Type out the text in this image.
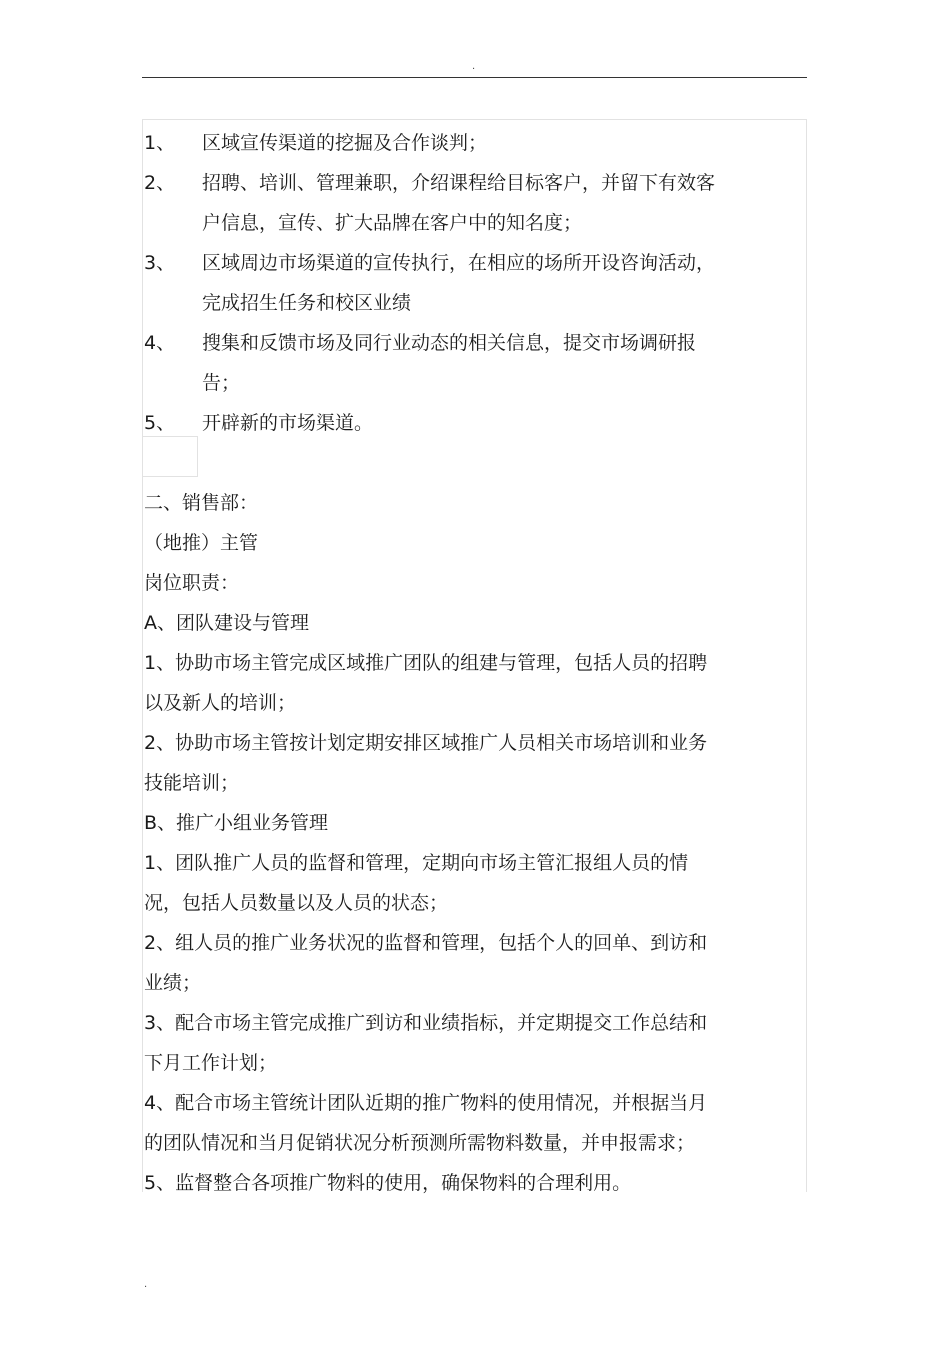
.
1、 区域宣传渠道的挖掘及合作谈判；
2、 招聘、培训、管理兼职，介绍课程给目标客户，并留下有效客
户信息，宣传、扩大品牌在客户中的知名度；
3、 区域周边市场渠道的宣传执行，在相应的场所开设咨询活动，
完成招生任务和校区业绩
4、 搜集和反馈市场及同行业动态的相关信息，提交市场调研报
告；
5、 开辟新的市场渠道。
二、销售部：
（地推）主管
岗位职责：
A、团队建设与管理
1、协助市场主管完成区域推广团队的组建与管理，包括人员的招聘
以及新人的培训；
2、协助市场主管按计划定期安排区域推广人员相关市场培训和业务
技能培训；
B、推广小组业务管理
1、团队推广人员的监督和管理，定期向市场主管汇报组人员的情
况，包括人员数量以及人员的状态；
2、组人员的推广业务状况的监督和管理，包括个人的回单、到访和
业绩；
3、配合市场主管完成推广到访和业绩指标，并定期提交工作总结和
下月工作计划；
4、配合市场主管统计团队近期的推广物料的使用情况，并根据当月
的团队情况和当月促销状况分析预测所需物料数量，并申报需求；
5、监督整合各项推广物料的使用，确保物料的合理利用。
.
